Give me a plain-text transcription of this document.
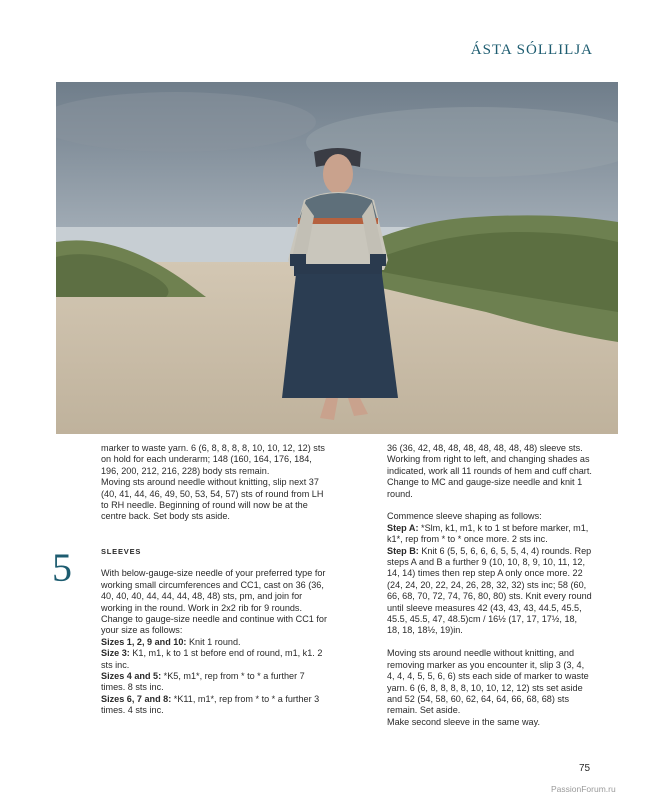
ÁSTA SÓLLILJA

marker to waste yarn. 6 (6, 8, 8, 8, 8, 10, 10, 12, 12) sts on hold for each underarm; 148 (160, 164, 176, 184, 196, 200, 212, 216, 228) body sts remain.

Moving sts around needle without knitting, slip next 37 (40, 41, 44, 46, 49, 50, 53, 54, 57) sts of round from LH to RH needle. Beginning of round will now be at the centre back. Set body sts aside.

SLEEVES

With below-gauge-size needle of your preferred type for working small circumferences and CC1, cast on 36 (36, 40, 40, 40, 44, 44, 44, 48, 48) sts, pm, and join for working in the round. Work in 2x2 rib for 9 rounds. Change to gauge-size needle and continue with CC1 for your size as follows:

Sizes 1, 2, 9 and 10: Knit 1 round.

Size 3: K1, m1, k to 1 st before end of round, m1, k1. 2 sts inc.

Sizes 4 and 5: *K5, m1*, rep from * to * a further 7 times. 8 sts inc.

Sizes 6, 7 and 8: *K11, m1*, rep from * to * a further 3 times. 4 sts inc.

5

36 (36, 42, 48, 48, 48, 48, 48, 48, 48) sleeve sts. Working from right to left, and changing shades as indicated, work all 11 rounds of hem and cuff chart. Change to MC and gauge-size needle and knit 1 round.

Commence sleeve shaping as follows:

Step A: *Slm, k1, m1, k to 1 st before marker, m1, k1*, rep from * to * once more. 2 sts inc.

Step B: Knit 6 (5, 5, 6, 6, 6, 5, 5, 4, 4) rounds. Rep steps A and B a further 9 (10, 10, 8, 9, 10, 11, 12, 14, 14) times then rep step A only once more. 22 (24, 24, 20, 22, 24, 26, 28, 32, 32) sts inc; 58 (60, 66, 68, 70, 72, 74, 76, 80, 80) sts. Knit every round until sleeve measures 42 (43, 43, 43, 44.5, 45.5, 45.5, 45.5, 47, 48.5)cm / 16½ (17, 17, 17½, 18, 18, 18, 18½, 19)in.

Moving sts around needle without knitting, and removing marker as you encounter it, slip 3 (3, 4, 4, 4, 4, 5, 5, 6, 6) sts each side of marker to waste yarn. 6 (6, 8, 8, 8, 8, 10, 10, 12, 12) sts set aside and 52 (54, 58, 60, 62, 64, 64, 66, 68, 68) sts remain. Set aside.

Make second sleeve in the same way.

75
PassionForum.ru
